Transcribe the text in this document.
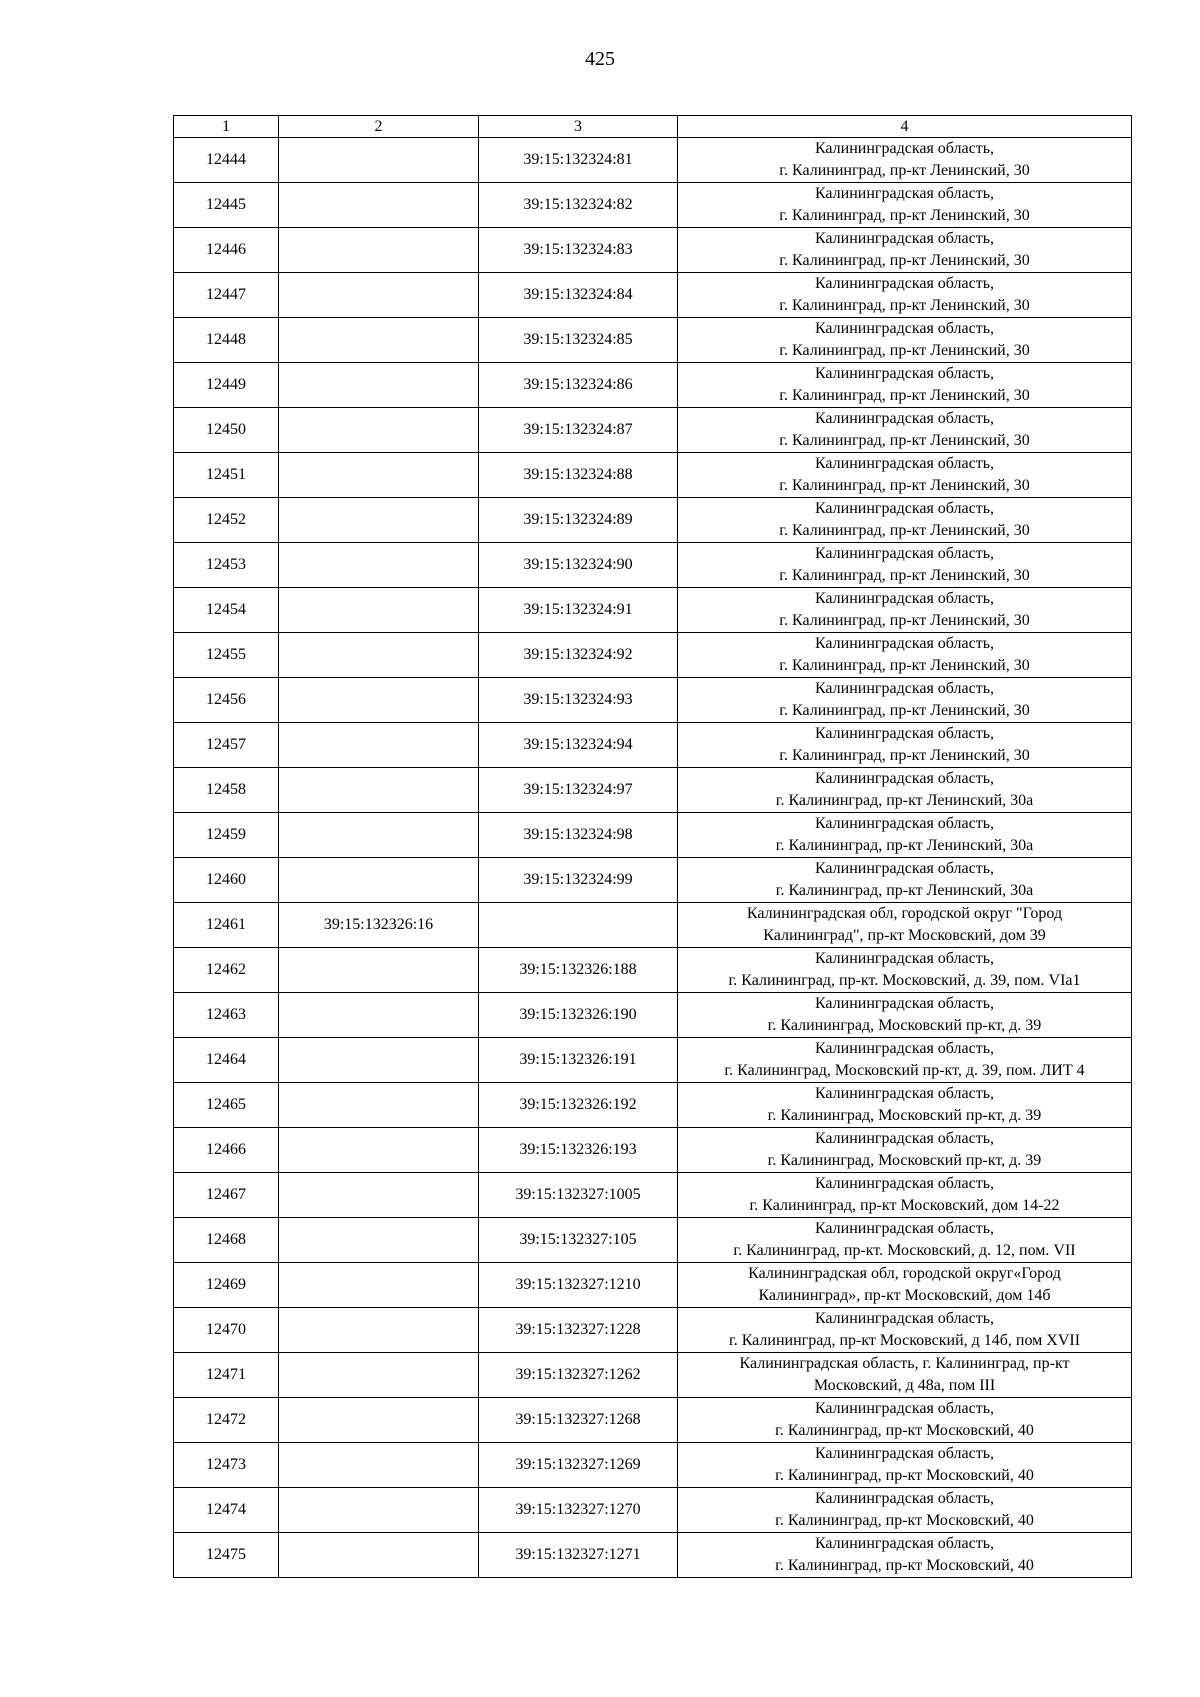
425
1	2	3	4
12444		39:15:132324:81	Калининградская область,
г. Калининград, пр-кт Ленинский, 30

12445		39:15:132324:82	Калининградская область,
г. Калининград, пр-кт Ленинский, 30

12446		39:15:132324:83	Калининградская область,
г. Калининград, пр-кт Ленинский, 30

12447		39:15:132324:84	Калининградская область,
г. Калининград, пр-кт Ленинский, 30

12448		39:15:132324:85	Калининградская область,
г. Калининград, пр-кт Ленинский, 30

12449		39:15:132324:86	Калининградская область,
г. Калининград, пр-кт Ленинский, 30

12450		39:15:132324:87	Калининградская область,
г. Калининград, пр-кт Ленинский, 30

12451		39:15:132324:88	Калининградская область,
г. Калининград, пр-кт Ленинский, 30

12452		39:15:132324:89	Калининградская область,
г. Калининград, пр-кт Ленинский, 30

12453		39:15:132324:90	Калининградская область,
г. Калининград, пр-кт Ленинский, 30

12454		39:15:132324:91	Калининградская область,
г. Калининград, пр-кт Ленинский, 30

12455		39:15:132324:92	Калининградская область,
г. Калининград, пр-кт Ленинский, 30

12456		39:15:132324:93	Калининградская область,
г. Калининград, пр-кт Ленинский, 30

12457		39:15:132324:94	Калининградская область,
г. Калининград, пр-кт Ленинский, 30

12458		39:15:132324:97	Калининградская область,
г. Калининград, пр-кт Ленинский, 30а

12459		39:15:132324:98	Калининградская область,
г. Калининград, пр-кт Ленинский, 30а

12460		39:15:132324:99	Калининградская область,
г. Калининград, пр-кт Ленинский, 30а

12461	39:15:132326:16		Калининградская обл, городской округ "Город
Калининград", пр-кт Московский, дом 39

12462		39:15:132326:188	Калининградская область,
г. Калининград, пр-кт. Московский, д. 39, пом. VIа1

12463		39:15:132326:190	Калининградская область,
г. Калининград, Московский пр-кт, д. 39

12464		39:15:132326:191	Калининградская область,
г. Калининград, Московский пр-кт, д. 39, пом. ЛИТ 4

12465		39:15:132326:192	Калининградская область,
г. Калининград, Московский пр-кт, д. 39

12466		39:15:132326:193	Калининградская область,
г. Калининград, Московский пр-кт, д. 39

12467		39:15:132327:1005	Калининградская область,
г. Калининград, пр-кт Московский, дом 14-22

12468		39:15:132327:105	Калининградская область,
г. Калининград, пр-кт. Московский, д. 12, пом. VII

12469		39:15:132327:1210	Калининградская обл, городской округ«Город
Калининград», пр-кт Московский, дом 14б

12470		39:15:132327:1228	Калининградская область,
г. Калининград, пр-кт Московский, д 14б, пом XVII

12471		39:15:132327:1262	Калининградская область, г. Калининград, пр-кт
Московский, д 48а, пом III

12472		39:15:132327:1268	Калининградская область,
г. Калининград, пр-кт Московский, 40

12473		39:15:132327:1269	Калининградская область,
г. Калининград, пр-кт Московский, 40

12474		39:15:132327:1270	Калининградская область,
г. Калининград, пр-кт Московский, 40

12475		39:15:132327:1271	Калининградская область,
г. Калининград, пр-кт Московский, 40
